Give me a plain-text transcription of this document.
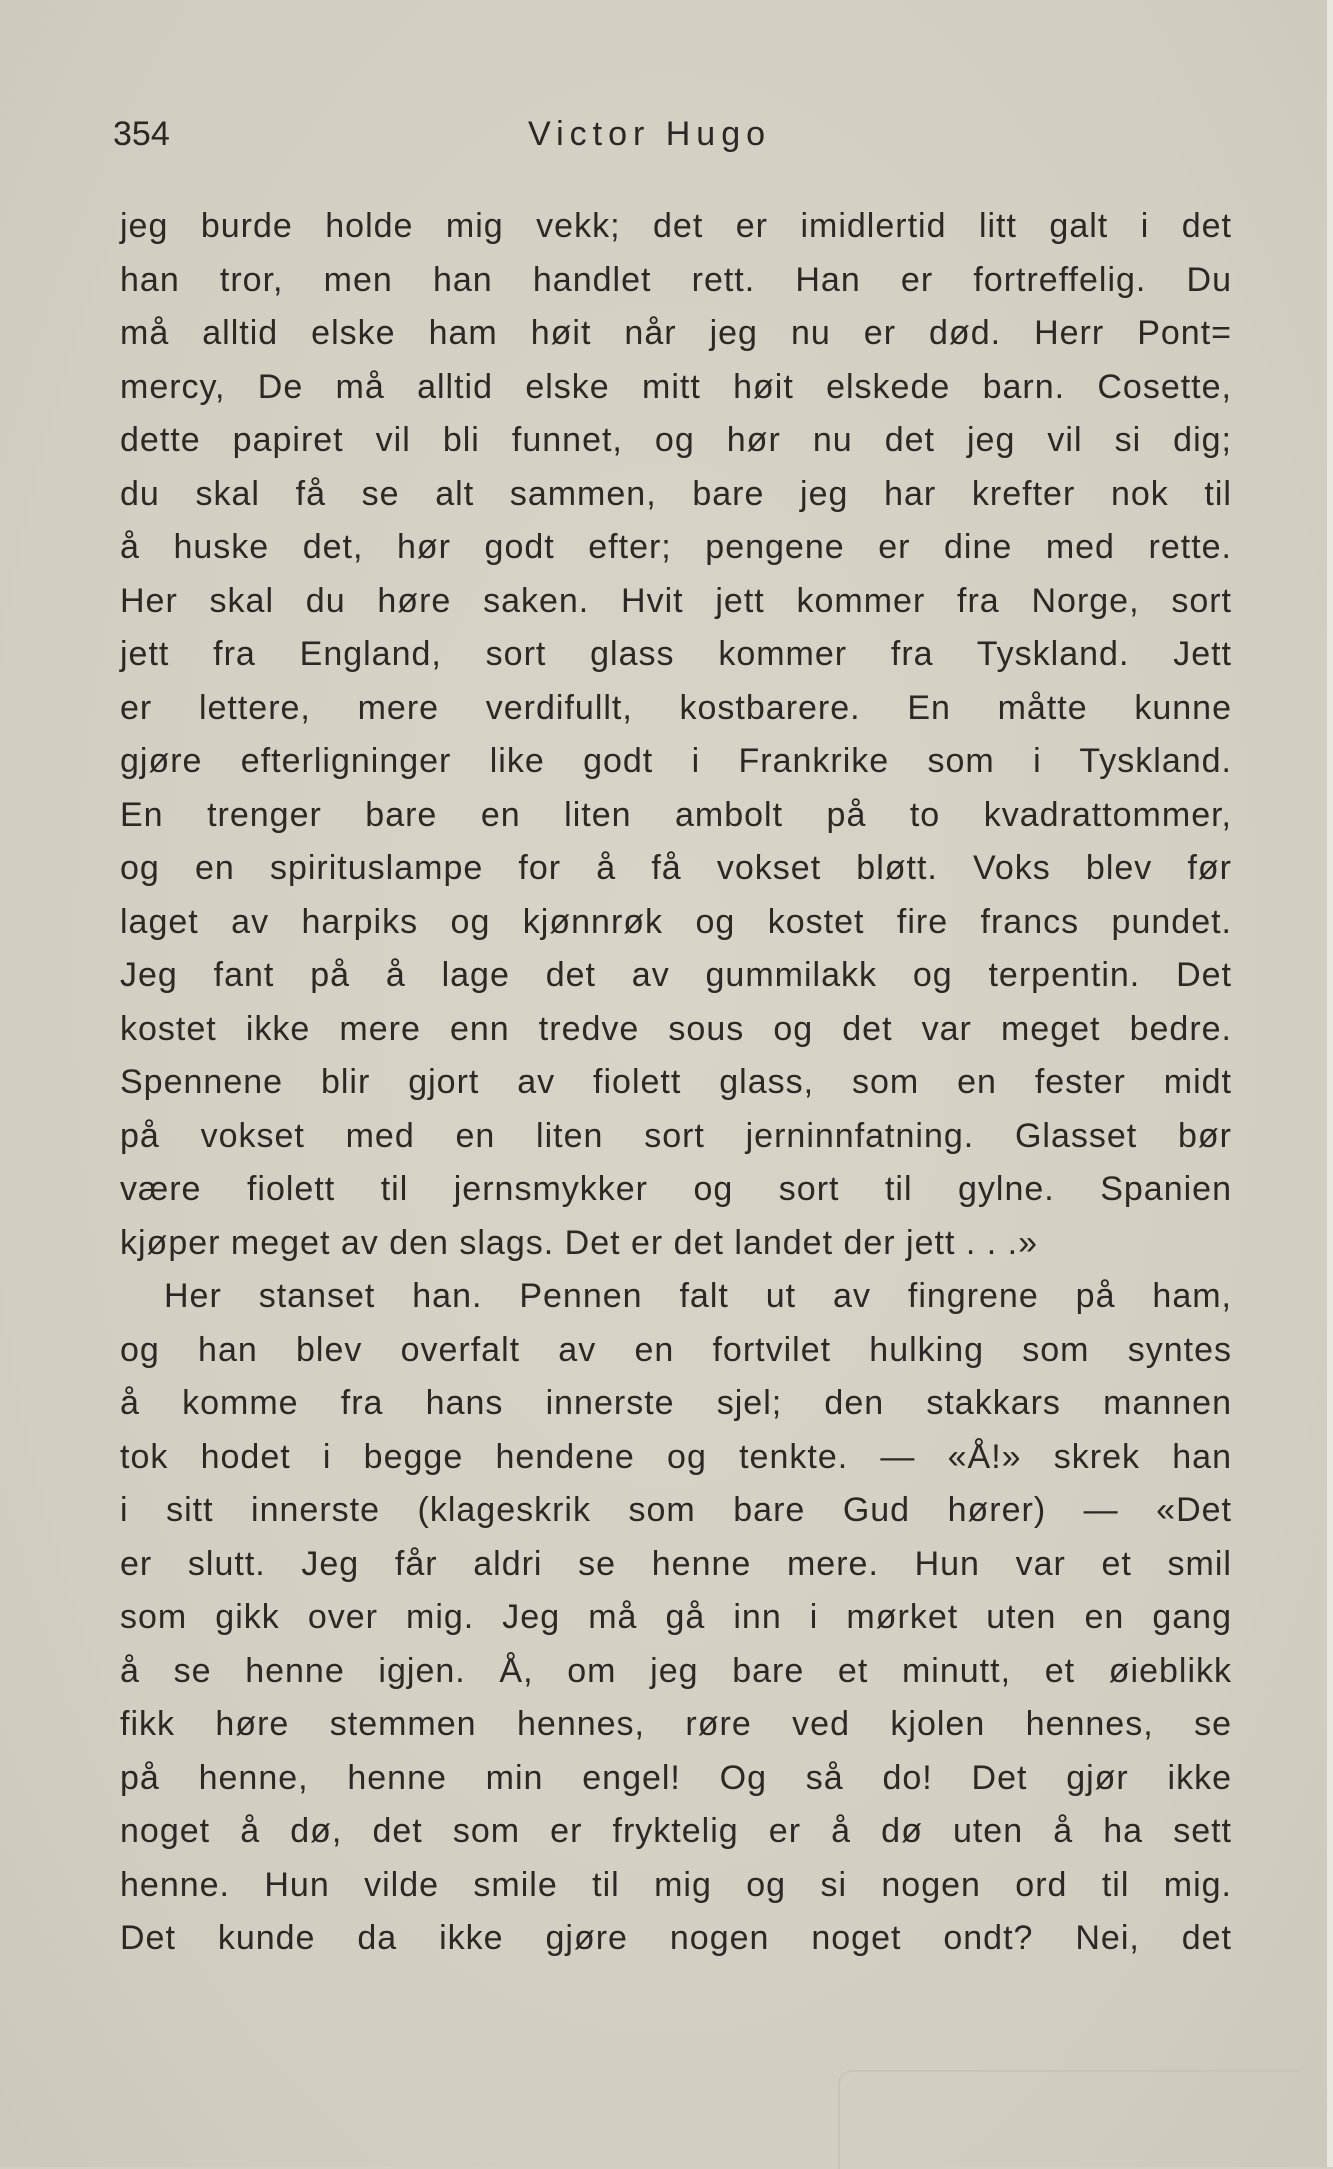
354	Victor Hugo
jeg burde holde mig vekk; det er imidlertid litt galt i det
han tror, men han handlet rett. Han er fortreffelig. Du
må alltid elske ham høit når jeg nu er død. Herr Pont=
mercy, De må alltid elske mitt høit elskede barn. Cosette,
dette papiret vil bli funnet, og hør nu det jeg vil si dig;
du skal få se alt sammen, bare jeg har krefter nok til
å huske det, hør godt efter; pengene er dine med rette.
Her skal du høre saken. Hvit jett kommer fra Norge, sort
jett fra England, sort glass kommer fra Tyskland. Jett
er lettere, mere verdifullt, kostbarere. En måtte kunne
gjøre efterligninger like godt i Frankrike som i Tyskland.
En trenger bare en liten ambolt på to kvadrattommer,
og en spirituslampe for å få vokset bløtt. Voks blev før
laget av harpiks og kjønnrøk og kostet fire francs pundet.
Jeg fant på å lage det av gummilakk og terpentin. Det
kostet ikke mere enn tredve sous og det var meget bedre.
Spennene blir gjort av fiolett glass, som en fester midt
på vokset med en liten sort jerninnfatning. Glasset bør
være fiolett til jernsmykker og sort til gylne. Spanien
kjøper meget av den slags. Det er det landet der jett . . .»
Her stanset han. Pennen falt ut av fingrene på ham,
og han blev overfalt av en fortvilet hulking som syntes
å komme fra hans innerste sjel; den stakkars mannen
tok hodet i begge hendene og tenkte. — «Å!» skrek han
i sitt innerste (klageskrik som bare Gud hører) — «Det
er slutt. Jeg får aldri se henne mere. Hun var et smil
som gikk over mig. Jeg må gå inn i mørket uten en gang
å se henne igjen. Å, om jeg bare et minutt, et øieblikk
fikk høre stemmen hennes, røre ved kjolen hennes, se
på henne, henne min engel! Og så do! Det gjør ikke
noget å dø, det som er fryktelig er å dø uten å ha sett
henne. Hun vilde smile til mig og si nogen ord til mig.
Det kunde da ikke gjøre nogen noget ondt? Nei, det
